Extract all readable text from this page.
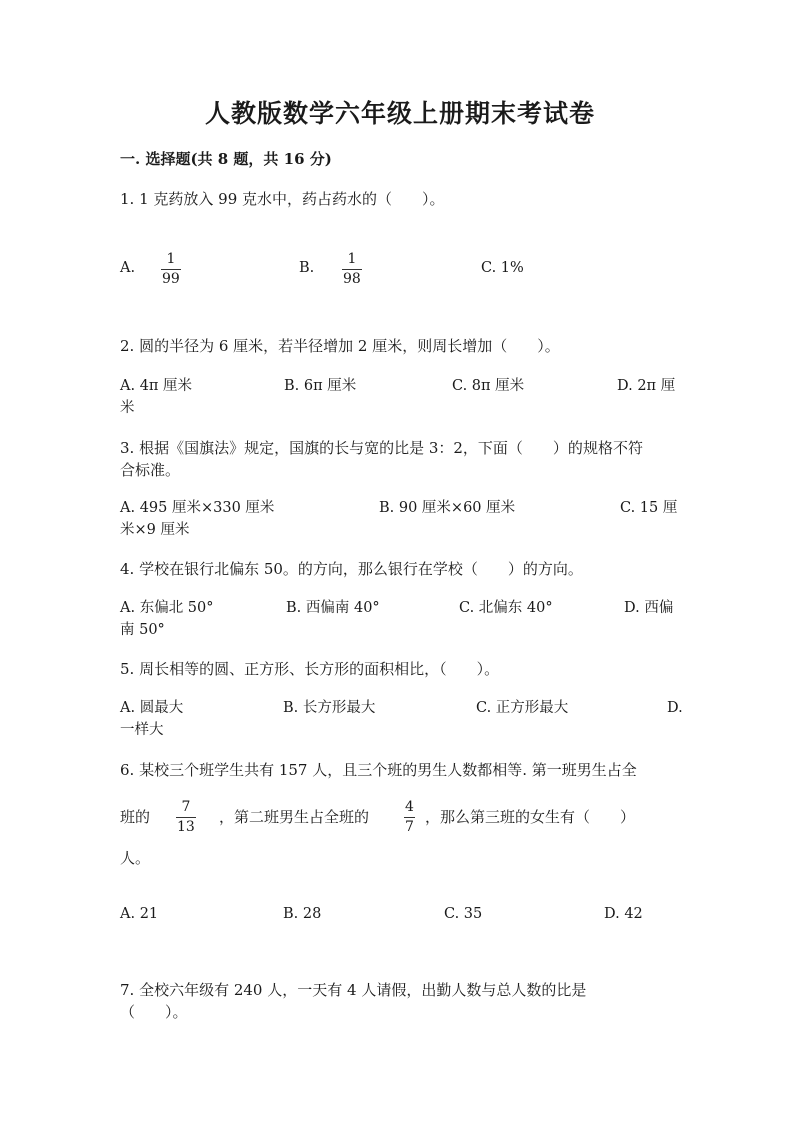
人教版数学六年级上册期末考试卷
一. 选择题(共 8 题，共 16 分)
1. 1 克药放入 99 克水中，药占药水的（　　）。
A.
1
99
B.
1
98
C. 1%
2. 圆的半径为 6 厘米，若半径增加 2 厘米，则周长增加（　　）。
A. 4π 厘米	B. 6π 厘米	C. 8π 厘米	D. 2π 厘
米
3. 根据《国旗法》规定，国旗的长与宽的比是 3：2，下面（　　）的规格不符
合标准。
A. 495 厘米×330 厘米	B. 90 厘米×60 厘米	C. 15 厘
米×9 厘米
4. 学校在银行北偏东 50。的方向，那么银行在学校（　　）的方向。
A. 东偏北 50°	B. 西偏南 40°	C. 北偏东 40°	D. 西偏
南 50°
5. 周长相等的圆、正方形、长方形的面积相比，（　　）。
A. 圆最大	B. 长方形最大	C. 正方形最大	D.
一样大
6. 某校三个班学生共有 157 人，且三个班的男生人数都相等. 第一班男生占全
班的
7
13
，第二班男生占全班的
4
7
，那么第三班的女生有（　　）
人。
A. 21	B. 28	C. 35	D. 42
7. 全校六年级有 240 人，一天有 4 人请假，出勤人数与总人数的比是
（　　）。
